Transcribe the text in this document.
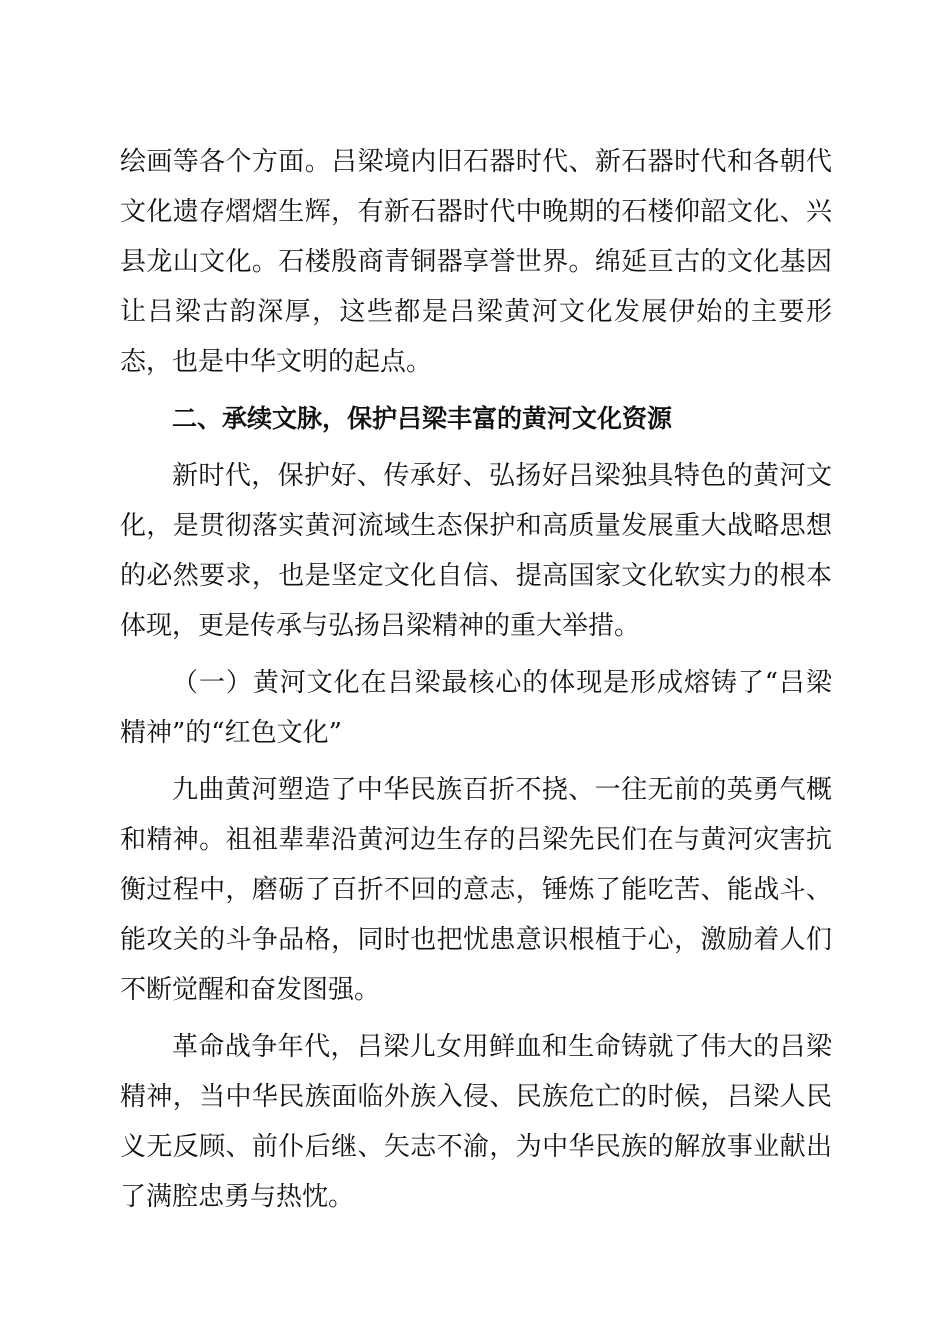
绘画等各个方面。吕梁境内旧石器时代、新石器时代和各朝代文化遗存熠熠生辉，有新石器时代中晚期的石楼仰韶文化、兴县龙山文化。石楼殷商青铜器享誉世界。绵延亘古的文化基因让吕梁古韵深厚，这些都是吕梁黄河文化发展伊始的主要形态，也是中华文明的起点。

二、承续文脉，保护吕梁丰富的黄河文化资源

新时代，保护好、传承好、弘扬好吕梁独具特色的黄河文化，是贯彻落实黄河流域生态保护和高质量发展重大战略思想的必然要求，也是坚定文化自信、提高国家文化软实力的根本体现，更是传承与弘扬吕梁精神的重大举措。

（一）黄河文化在吕梁最核心的体现是形成熔铸了“吕梁精神”的“红色文化”

九曲黄河塑造了中华民族百折不挠、一往无前的英勇气概和精神。祖祖辈辈沿黄河边生存的吕梁先民们在与黄河灾害抗衡过程中，磨砺了百折不回的意志，锤炼了能吃苦、能战斗、能攻关的斗争品格，同时也把忧患意识根植于心，激励着人们不断觉醒和奋发图强。

革命战争年代，吕梁儿女用鲜血和生命铸就了伟大的吕梁精神，当中华民族面临外族入侵、民族危亡的时候，吕梁人民义无反顾、前仆后继、矢志不渝，为中华民族的解放事业献出了满腔忠勇与热忱。
